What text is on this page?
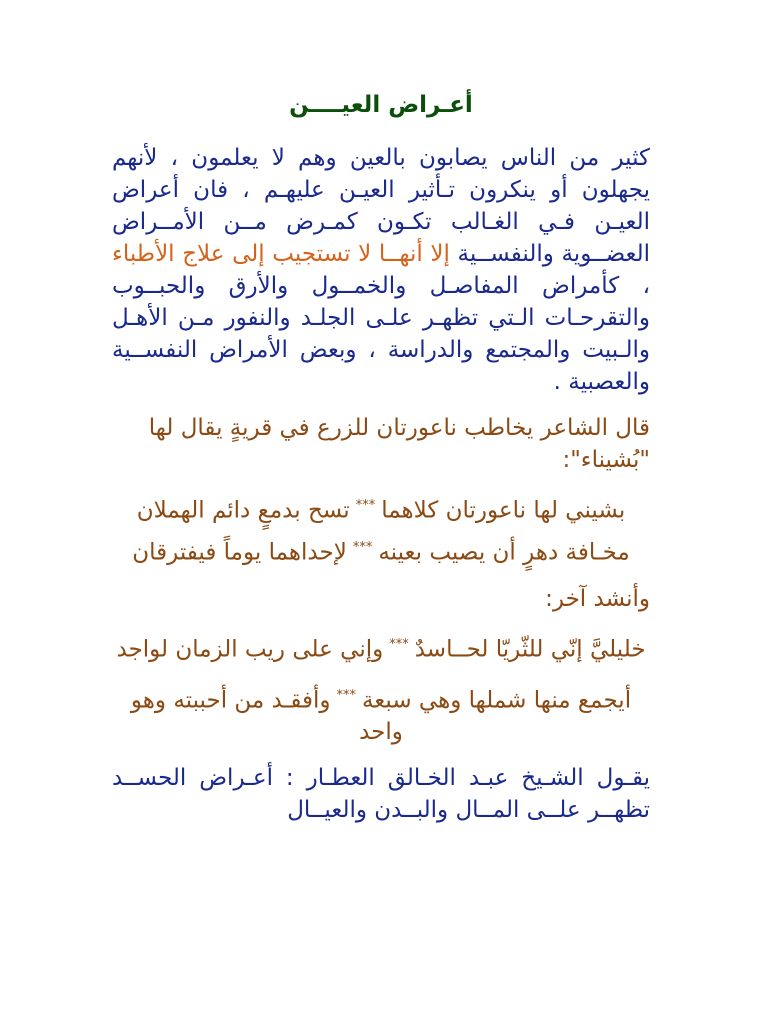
أعـراض العيــــن

كثير من الناس يصابون بالعين وهم لا يعلمون ، لأنهم يجهلون أو ينكرون تـأثير العيـن عليهـم ، فان أعراض العيـن فـي الغـالب تكـون كمـرض مــن الأمــراض العضــوية والنفســية إلا أنهــا لا تستجيب إلى علاج الأطباء ، كأمراض المفاصـل والخمــول والأرق والحبــوب والتقرحـات الـتي تظهـر علـى الجلـد والنفور مـن الأهـل والـبيت والمجتمع والدراسة ، وبعض الأمراض النفســية والعصبية .

قال الشاعر يخاطب ناعورتان للزرع في قريةٍ يقال لها "بُشيناء":

بشيني لها ناعورتان كلاهما***تسح بدمعٍ دائم الهملان

مخـافة دهرٍ أن يصيب بعينه***لإحداهما يوماً فيفترقان

وأنشد آخر:

خليليَّ إنّي للثّريّا لحــاسدٌ***وإني على ريب الزمان لواجد

أيجمع منها شملها وهي سبعة***وأفقـد من أحببته وهو واحد

يقـول الشـيخ عبـد الخـالق العطـار : أعـراض الحســد تظهــر علــى المــال والبــدن والعيــال
